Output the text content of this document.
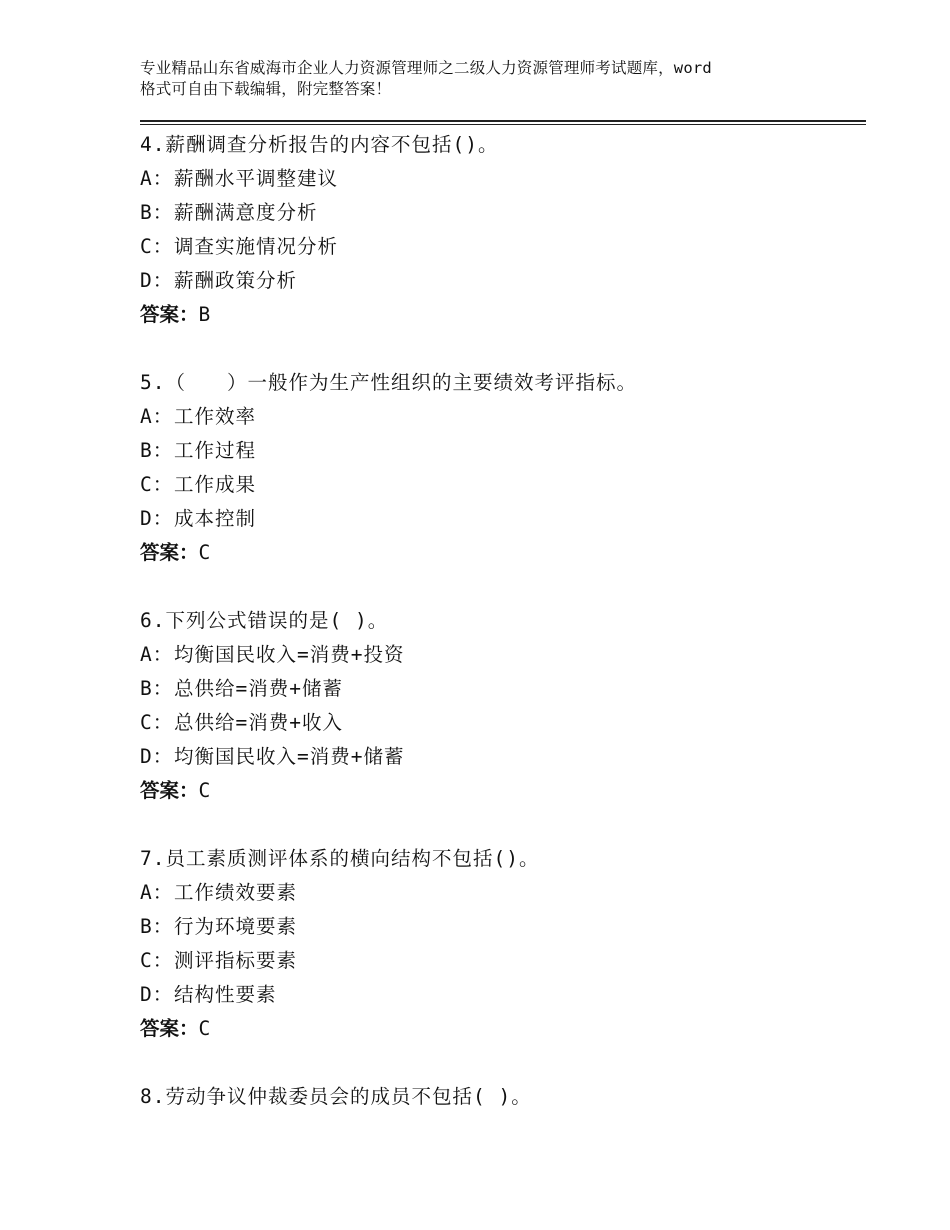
专业精品山东省威海市企业人力资源管理师之二级人力资源管理师考试题库，word
格式可自由下载编辑，附完整答案！
4.薪酬调查分析报告的内容不包括()。
A：薪酬水平调整建议
B：薪酬满意度分析
C：调查实施情况分析
D：薪酬政策分析
答案：B
5.（　　）一般作为生产性组织的主要绩效考评指标。
A：工作效率
B：工作过程
C：工作成果
D：成本控制
答案：C
6.下列公式错误的是( )。
A：均衡国民收入=消费+投资
B：总供给=消费+储蓄
C：总供给=消费+收入
D：均衡国民收入=消费+储蓄
答案：C
7.员工素质测评体系的横向结构不包括()。
A：工作绩效要素
B：行为环境要素
C：测评指标要素
D：结构性要素
答案：C
8.劳动争议仲裁委员会的成员不包括( )。
